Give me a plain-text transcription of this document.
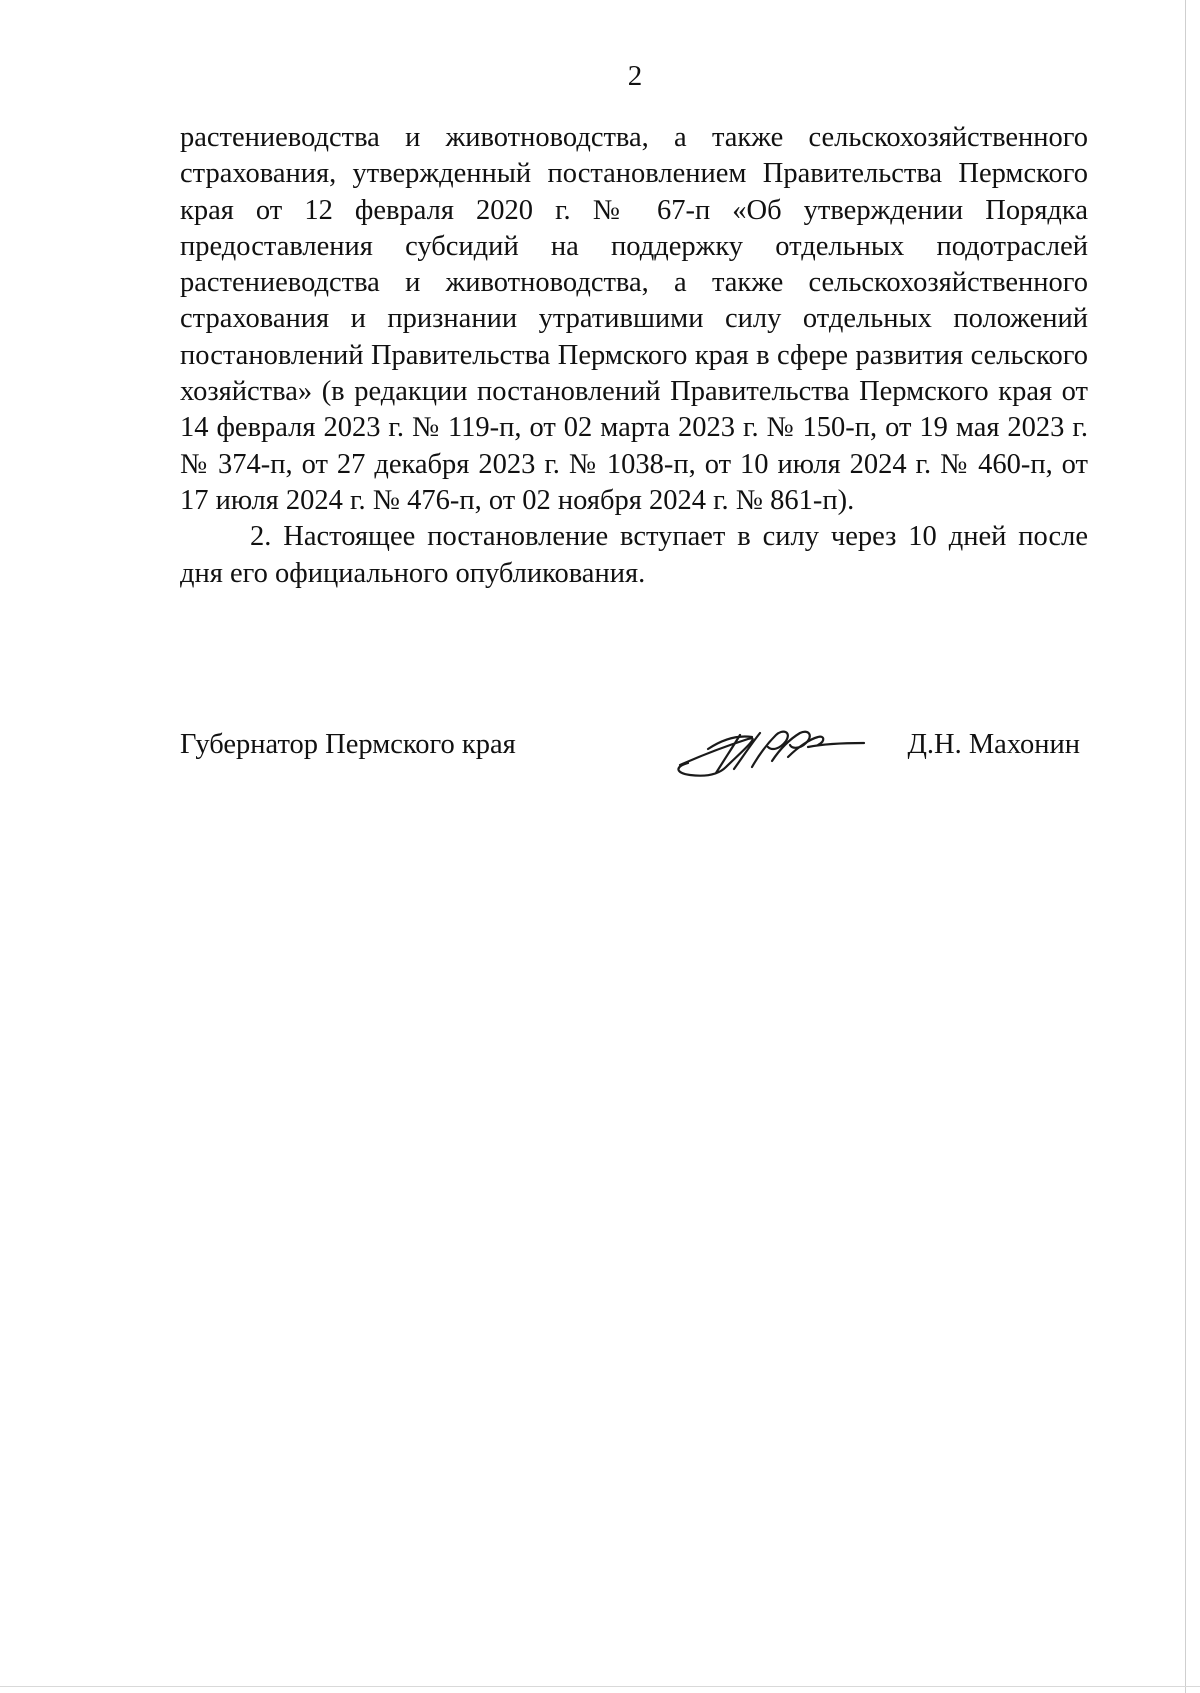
2

растениеводства и животноводства, а также сельскохозяйственного страхования, утвержденный постановлением Правительства Пермского края от 12 февраля 2020 г. № 67-п «Об утверждении Порядка предоставления субсидий на поддержку отдельных подотраслей растениеводства и животноводства, а также сельскохозяйственного страхования и признании утратившими силу отдельных положений постановлений Правительства Пермского края в сфере развития сельского хозяйства» (в редакции постановлений Правительства Пермского края от 14 февраля 2023 г. № 119-п, от 02 марта 2023 г. № 150-п, от 19 мая 2023 г. № 374-п, от 27 декабря 2023 г. № 1038-п, от 10 июля 2024 г. № 460-п, от 17 июля 2024 г. № 476-п, от 02 ноября 2024 г. № 861-п).

2. Настоящее постановление вступает в силу через 10 дней после дня его официального опубликования.

Губернатор Пермского края	Д.Н. Махонин
